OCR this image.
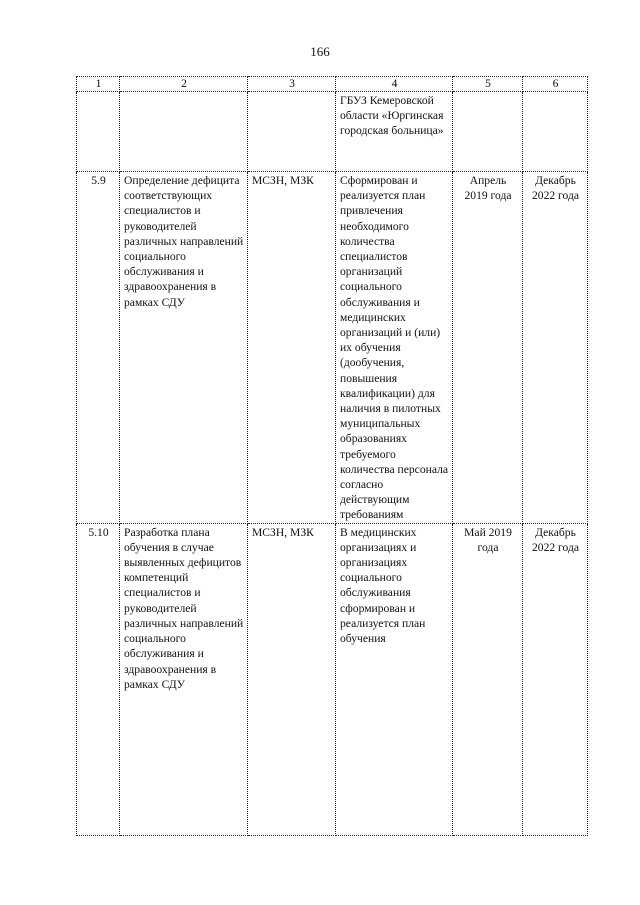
166
1	2	3	4	5	6
			ГБУЗ Кемеровской области «Юргинская городская больница»		
5.9	Определение дефицита соответствующих специалистов и руководителей различных направлений социального обслуживания и здравоохранения в рамках СДУ	МСЗН, МЗК	Сформирован и реализуется план привлечения необходимого количества специалистов организаций социального обслуживания и медицинских организаций и (или) их обучения (дообучения, повышения квалификации) для наличия в пилотных муниципальных образованиях требуемого количества персонала согласно действующим требованиям	Апрель 2019 года	Декабрь 2022 года
5.10	Разработка плана обучения в случае выявленных дефицитов компетенций специалистов и руководителей различных направлений социального обслуживания и здравоохранения в рамках СДУ	МСЗН, МЗК	В медицинских организациях и организациях социального обслуживания сформирован и реализуется план обучения	Май 2019 года	Декабрь 2022 года
